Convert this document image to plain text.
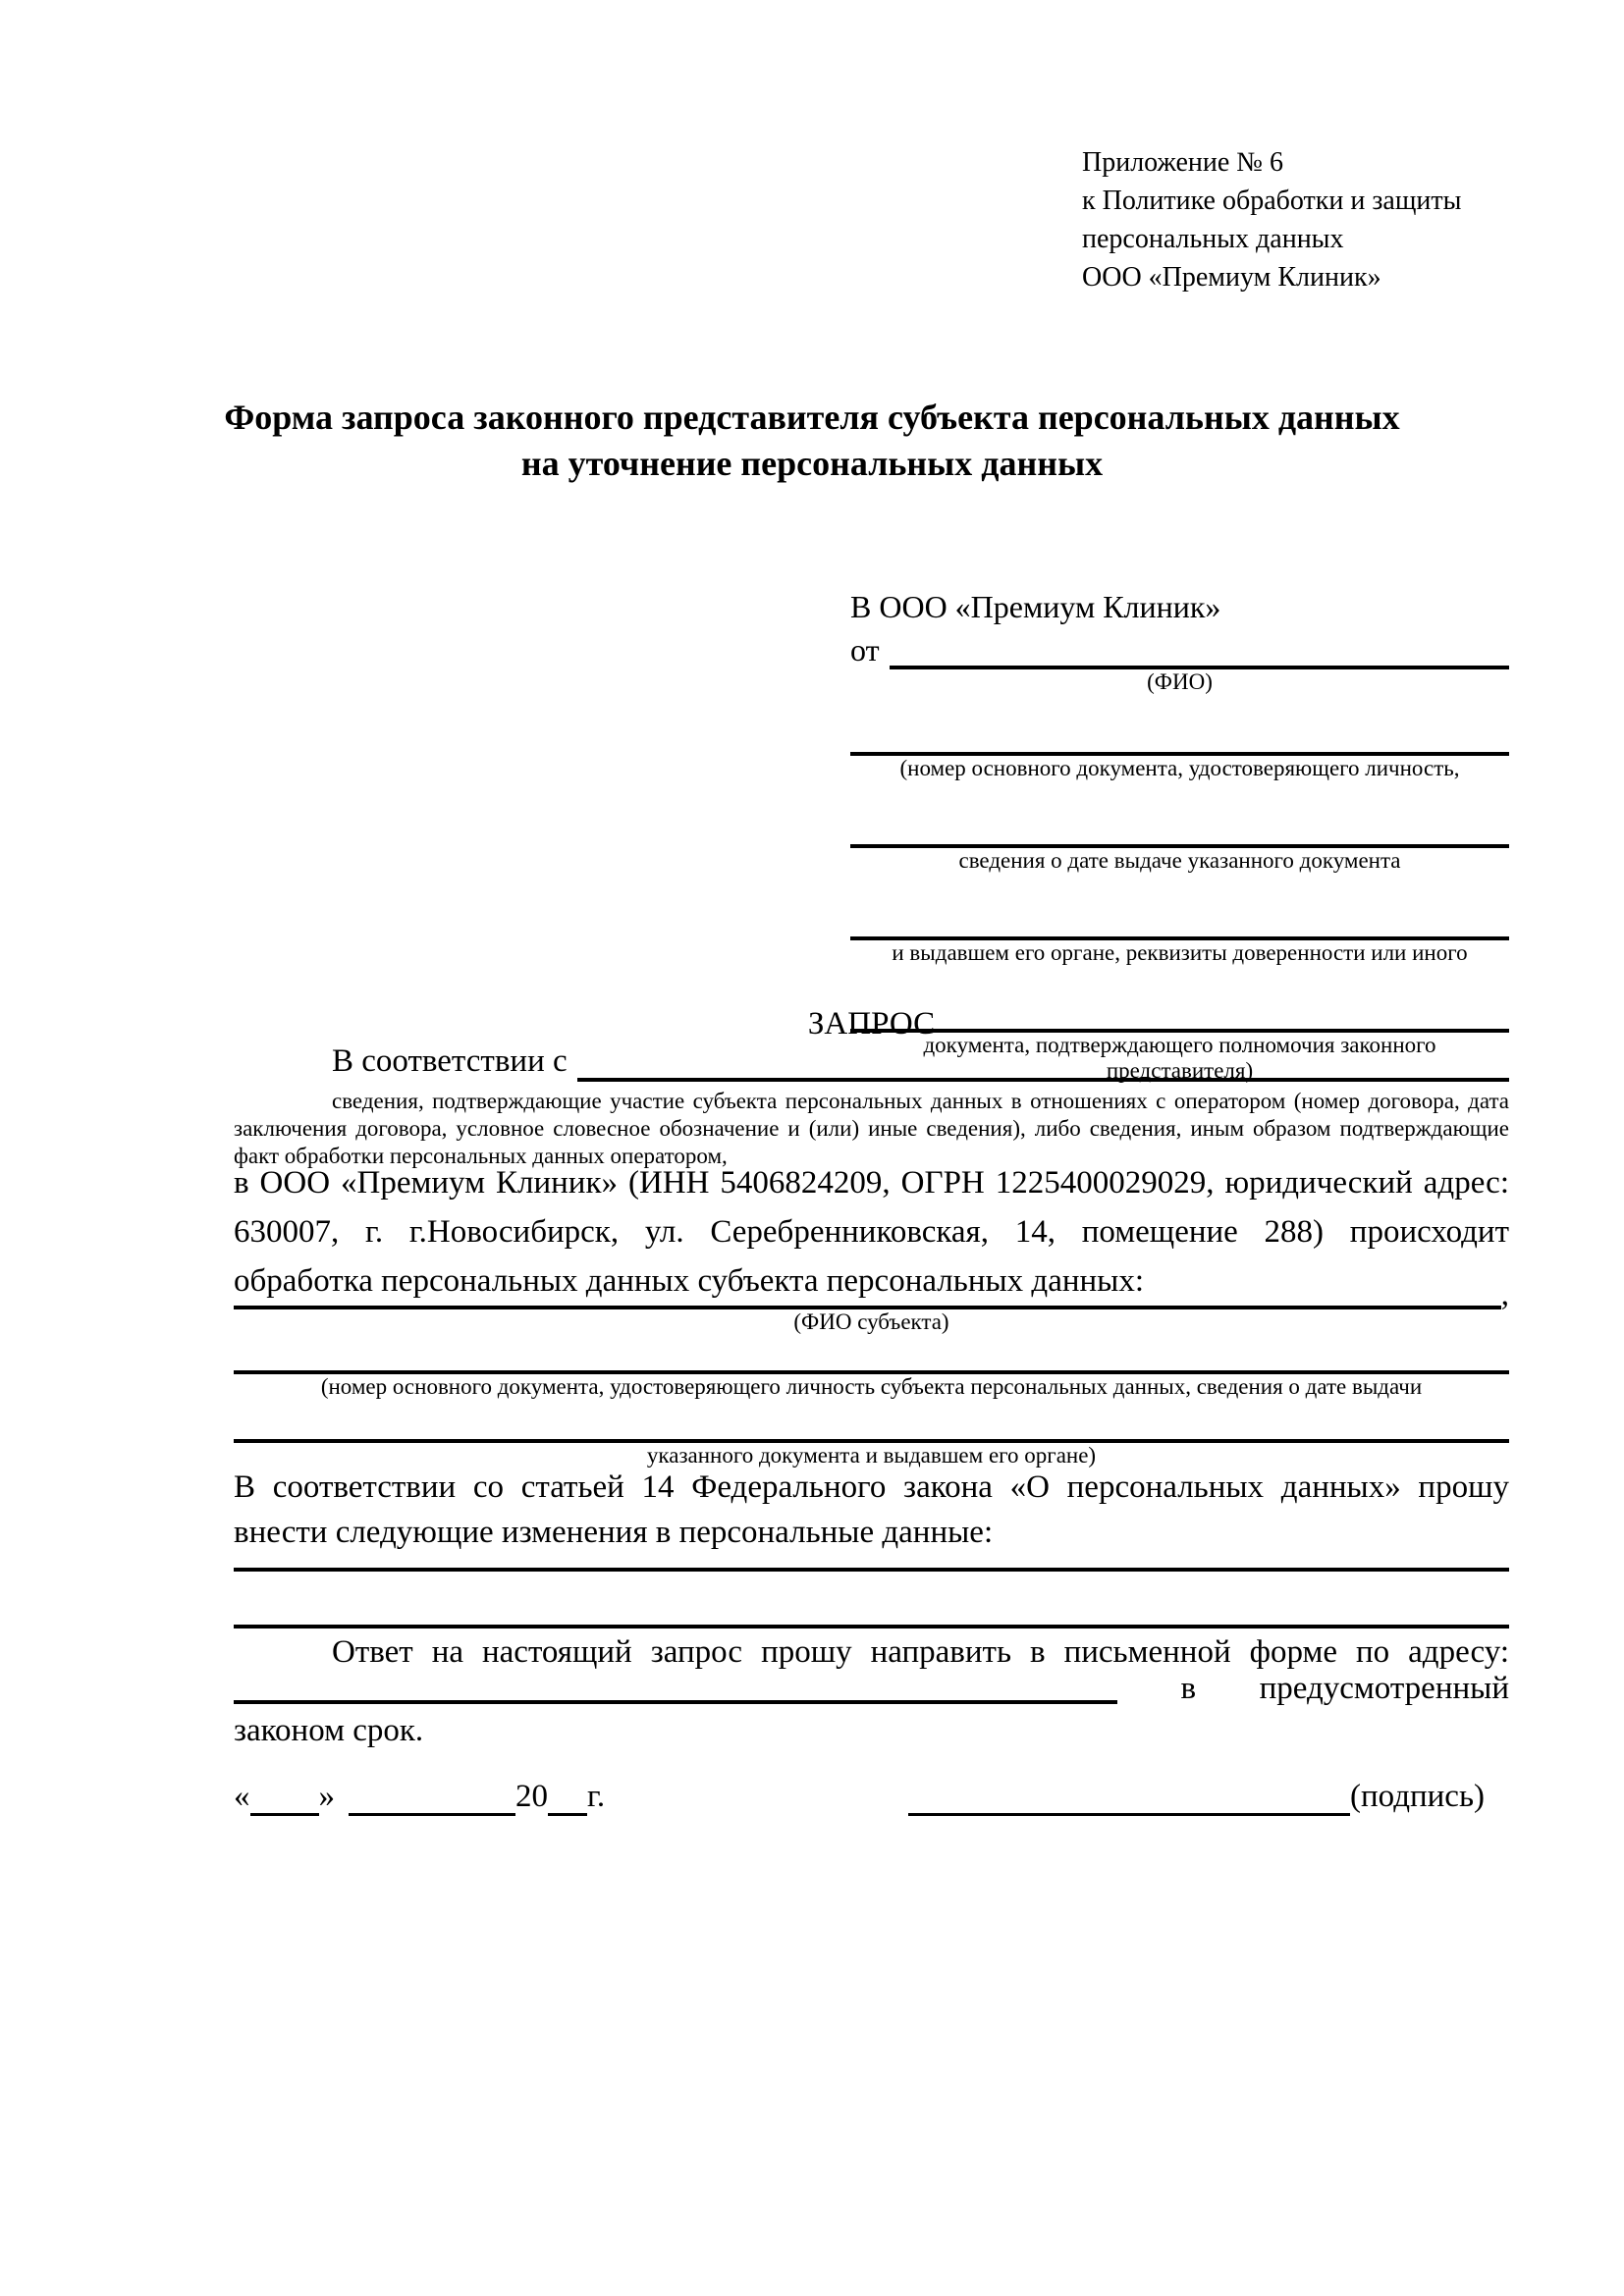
Приложение № 6
к Политике обработки и защиты
персональных данных
ООО «Премиум Клиник»
Форма запроса законного представителя субъекта персональных данных
на уточнение персональных данных
В ООО «Премиум Клиник»
от
(ФИО)
(номер основного документа, удостоверяющего личность,
сведения о дате выдаче указанного документа
и выдавшем его органе, реквизиты доверенности или иного
документа, подтверждающего полномочия законного представителя)
ЗАПРОС
В соответствии с
сведения, подтверждающие участие субъекта персональных данных в отношениях с оператором (номер договора, дата заключения договора, условное словесное обозначение и (или) иные сведения), либо сведения, иным образом подтверждающие факт обработки персональных данных оператором,
в ООО «Премиум Клиник» (ИНН 5406824209, ОГРН 1225400029029, юридический адрес: 630007, г. г.Новосибирск, ул. Серебренниковская, 14, помещение 288) происходит обработка персональных данных субъекта персональных данных:	,
(ФИО субъекта)
(номер основного документа, удостоверяющего личность субъекта персональных данных, сведения о дате выдачи
указанного документа и выдавшем его органе)
В соответствии со статьей 14 Федерального закона «О персональных данных» прошу внести следующие изменения в персональные данные:
Ответ на настоящий запрос прошу направить в письменной форме по адресу:
в предусмотренный
законом срок.
« »	20 г.	(подпись)
